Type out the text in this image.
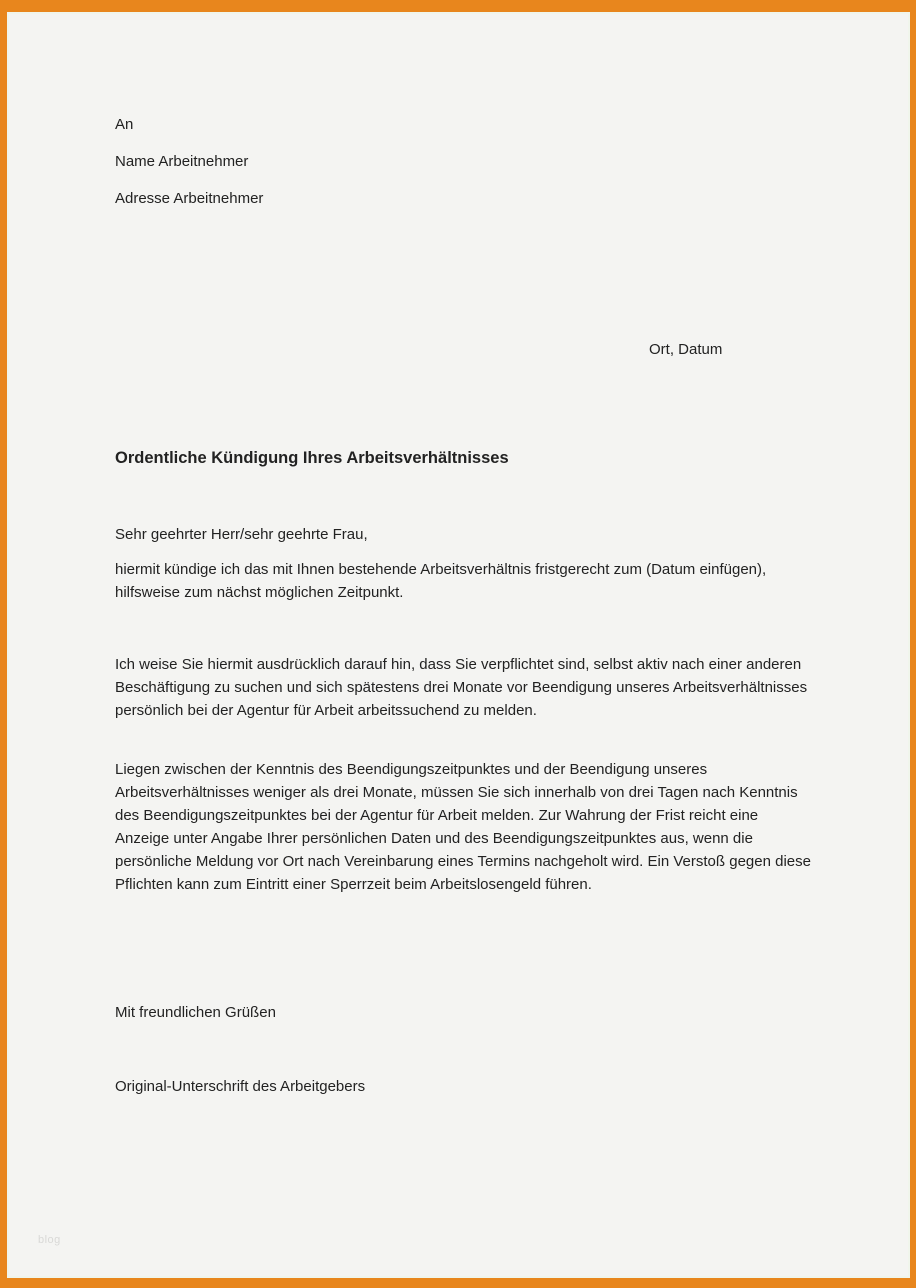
An

Name Arbeitnehmer

Adresse Arbeitnehmer

Ort, Datum
Ordentliche Kündigung Ihres Arbeitsverhältnisses
Sehr geehrter Herr/sehr geehrte Frau,

hiermit kündige ich das mit Ihnen bestehende Arbeitsverhältnis fristgerecht zum (Datum einfügen), hilfsweise zum nächst möglichen Zeitpunkt.

Ich weise Sie hiermit ausdrücklich darauf hin, dass Sie verpflichtet sind, selbst aktiv nach einer anderen Beschäftigung zu suchen und sich spätestens drei Monate vor Beendigung unseres Arbeitsverhältnisses persönlich bei der Agentur für Arbeit arbeitssuchend zu melden.

Liegen zwischen der Kenntnis des Beendigungszeitpunktes und der Beendigung unseres Arbeitsverhältnisses weniger als drei Monate, müssen Sie sich innerhalb von drei Tagen nach Kenntnis des Beendigungszeitpunktes bei der Agentur für Arbeit melden. Zur Wahrung der Frist reicht eine Anzeige unter Angabe Ihrer persönlichen Daten und des Beendigungszeitpunktes aus, wenn die persönliche Meldung vor Ort nach Vereinbarung eines Termins nachgeholt wird. Ein Verstoß gegen diese Pflichten kann zum Eintritt einer Sperrzeit beim Arbeitslosengeld führen.

Mit freundlichen Grüßen
Original-Unterschrift des Arbeitgebers
blog
